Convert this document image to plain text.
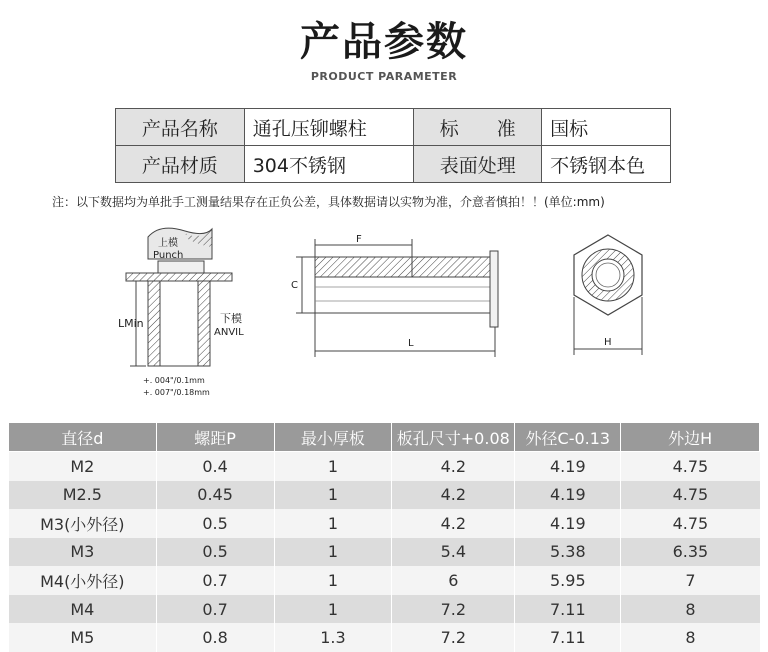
产品参数
PRODUCT PARAMETER
产品名称	通孔压铆螺柱	标　　准	国标
产品材质	304不锈钢	表面处理	不锈钢本色
注：以下数据均为单批手工测量结果存在正负公差，具体数据请以实物为准，介意者慎拍！！(单位:mm)
上模
Punch
LMin	下模
ANVIL
+. 004"/0.1mm
+. 007"/0.18mm
F
C
L	H
直径d	螺距P	最小厚板	板孔尺寸+0.08	外径C-0.13	外边H
M2	0.4	1	4.2	4.19	4.75
M2.5	0.45	1	4.2	4.19	4.75
M3(小外径)	0.5	1	4.2	4.19	4.75
M3	0.5	1	5.4	5.38	6.35
M4(小外径)	0.7	1	6	5.95	7
M4	0.7	1	7.2	7.11	8
M5	0.8	1.3	7.2	7.11	8
